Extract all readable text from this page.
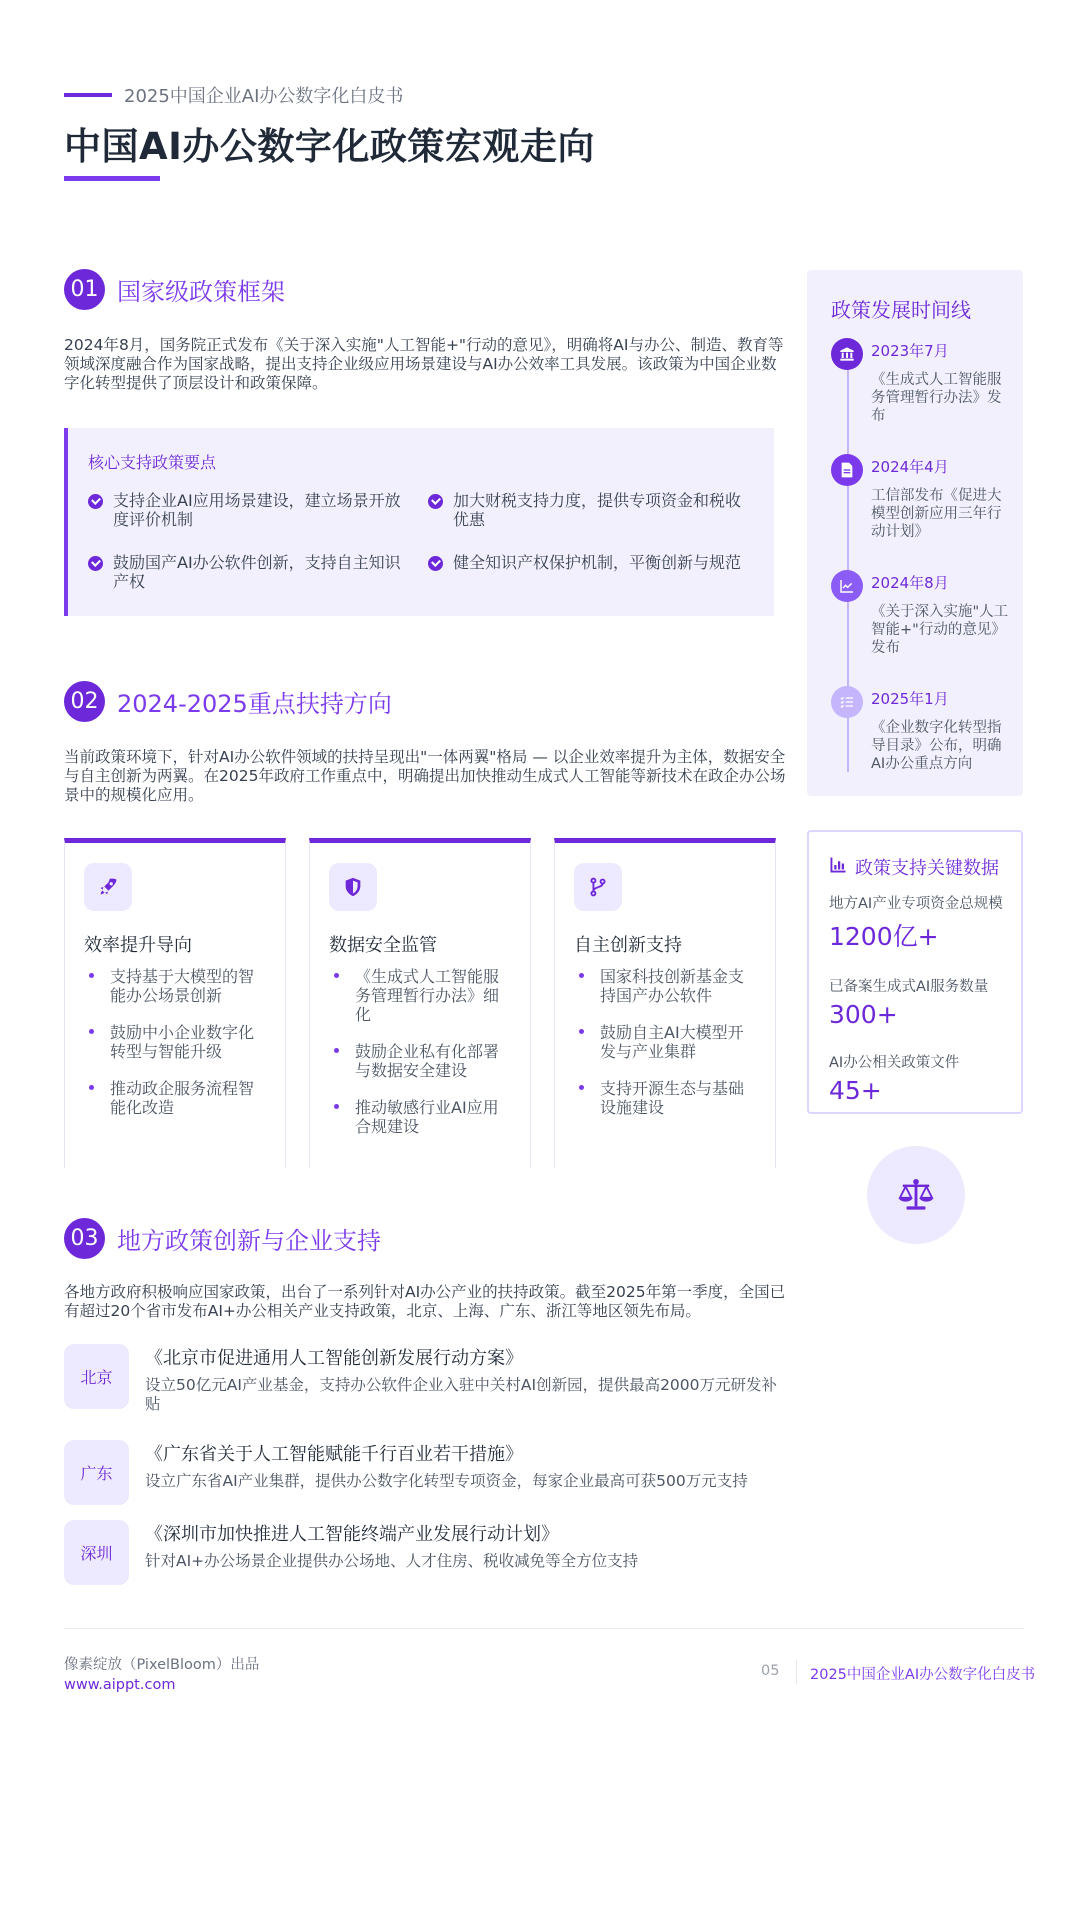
2025中国企业AI办公数字化白皮书
中国AI办公数字化政策宏观走向
01 国家级政策框架
2024年8月，国务院正式发布《关于深入实施"人工智能+"行动的意见》，明确将AI与办公、制造、教育等领域深度融合作为国家战略，提出支持企业级应用场景建设与AI办公效率工具发展。该政策为中国企业数字化转型提供了顶层设计和政策保障。
核心支持政策要点
支持企业AI应用场景建设，建立场景开放度评价机制
加大财税支持力度，提供专项资金和税收优惠
鼓励国产AI办公软件创新，支持自主知识产权
健全知识产权保护机制，平衡创新与规范
02 2024-2025重点扶持方向
当前政策环境下，针对AI办公软件领域的扶持呈现出"一体两翼"格局 — 以企业效率提升为主体，数据安全与自主创新为两翼。在2025年政府工作重点中，明确提出加快推动生成式人工智能等新技术在政企办公场景中的规模化应用。
效率提升导向
支持基于大模型的智能办公场景创新
鼓励中小企业数字化转型与智能升级
推动政企服务流程智能化改造
数据安全监管
《生成式人工智能服务管理暂行办法》细化
鼓励企业私有化部署与数据安全建设
推动敏感行业AI应用合规建设
自主创新支持
国家科技创新基金支持国产办公软件
鼓励自主AI大模型开发与产业集群
支持开源生态与基础设施建设
03 地方政策创新与企业支持
各地方政府积极响应国家政策，出台了一系列针对AI办公产业的扶持政策。截至2025年第一季度，全国已有超过20个省市发布AI+办公相关产业支持政策，北京、上海、广东、浙江等地区领先布局。
北京
《北京市促进通用人工智能创新发展行动方案》
设立50亿元AI产业基金，支持办公软件企业入驻中关村AI创新园，提供最高2000万元研发补贴
广东
《广东省关于人工智能赋能千行百业若干措施》
设立广东省AI产业集群，提供办公数字化转型专项资金，每家企业最高可获500万元支持
深圳
《深圳市加快推进人工智能终端产业发展行动计划》
针对AI+办公场景企业提供办公场地、人才住房、税收减免等全方位支持
政策发展时间线
2023年7月
《生成式人工智能服务管理暂行办法》发布
2024年4月
工信部发布《促进大模型创新应用三年行动计划》
2024年8月
《关于深入实施"人工智能+"行动的意见》发布
2025年1月
《企业数字化转型指导目录》公布，明确AI办公重点方向
政策支持关键数据
地方AI产业专项资金总规模
1200亿+
已备案生成式AI服务数量
300+
AI办公相关政策文件
45+
像素绽放（PixelBloom）出品
www.aippt.com
05 2025中国企业AI办公数字化白皮书
